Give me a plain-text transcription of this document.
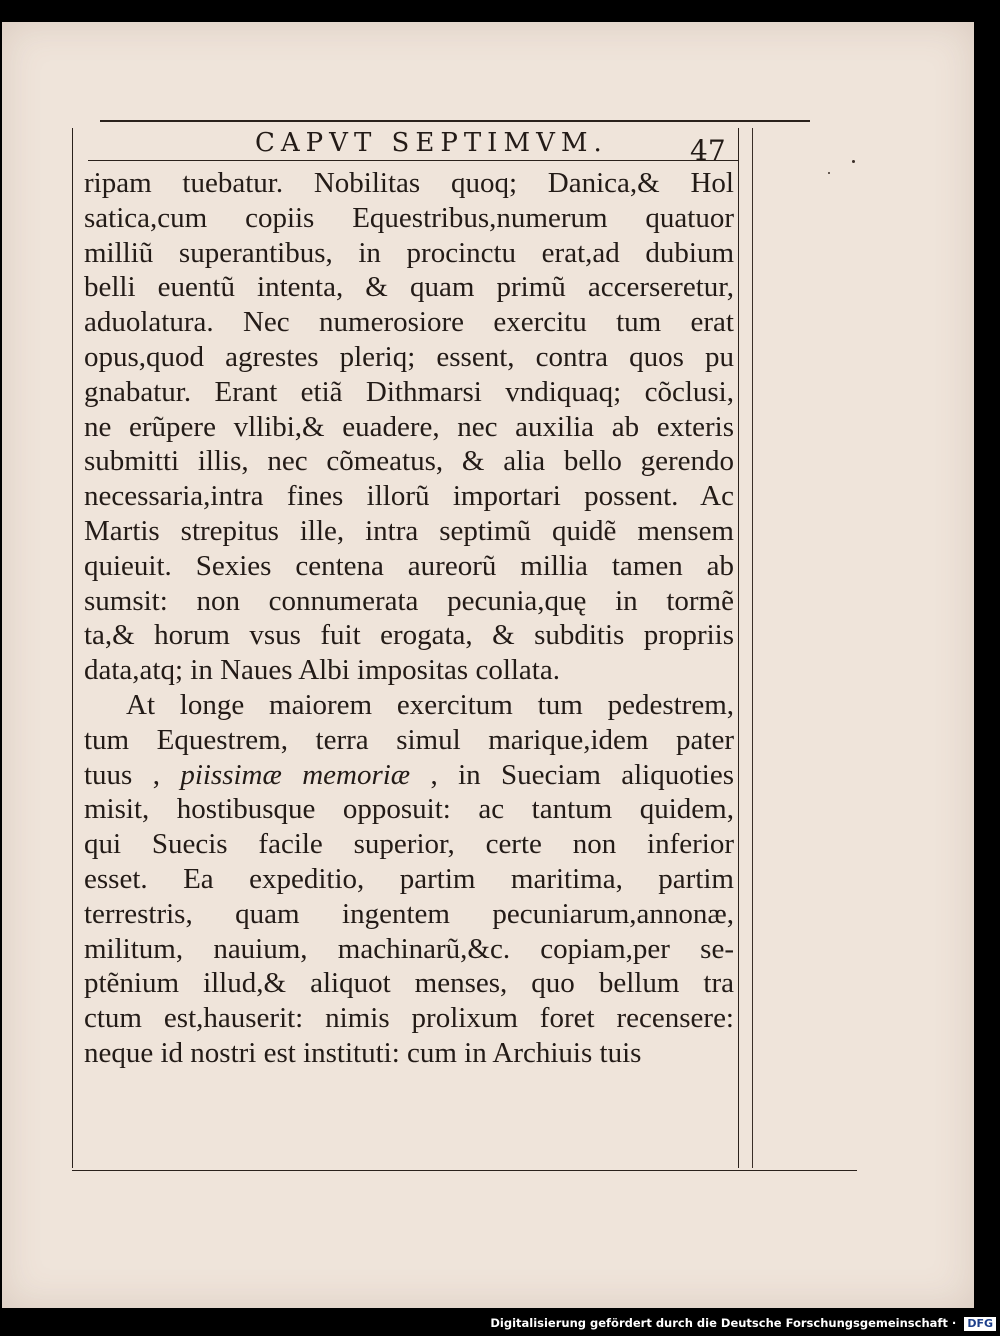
CAPVT SEPTIMVM.	47
ripam tuebatur. Nobilitas quoq; Danica,& Hol
satica,cum copiis Equestribus,numerum quatuor
milliũ superantibus, in procinctu erat,ad dubium
belli euentũ intenta, & quam primũ accerseretur,
aduolatura. Nec numerosiore exercitu tum erat
opus,quod agrestes pleriq; essent, contra quos pu
gnabatur. Erant etiã Dithmarsi vndiquaq; cõclusi,
ne erũpere vllibi,& euadere, nec auxilia ab exteris
submitti illis, nec cõmeatus, & alia bello gerendo
necessaria,intra fines illorũ importari possent. Ac
Martis strepitus ille, intra septimũ quidẽ mensem
quieuit. Sexies centena aureorũ millia tamen ab
sumsit: non connumerata pecunia,quę in tormẽ
ta,& horum vsus fuit erogata, & subditis propriis
data,atq; in Naues Albi impositas collata.
At longe maiorem exercitum tum pedestrem,
tum Equestrem, terra simul marique,idem pater
tuus , piissimæ memoriæ , in Sueciam aliquoties
misit, hostibusque opposuit: ac tantum quidem,
qui Suecis facile superior, certe non inferior
esset. Ea expeditio, partim maritima, partim
terrestris, quam ingentem pecuniarum,annonæ,
militum, nauium, machinarũ,&c. copiam,per se-
ptẽnium illud,& aliquot menses, quo bellum tra
ctum est,hauserit: nimis prolixum foret recensere:
neque id nostri est instituti: cum in Archiuis tuis
Digitalisierung gefördert durch die Deutsche Forschungsgemeinschaft · DFG
